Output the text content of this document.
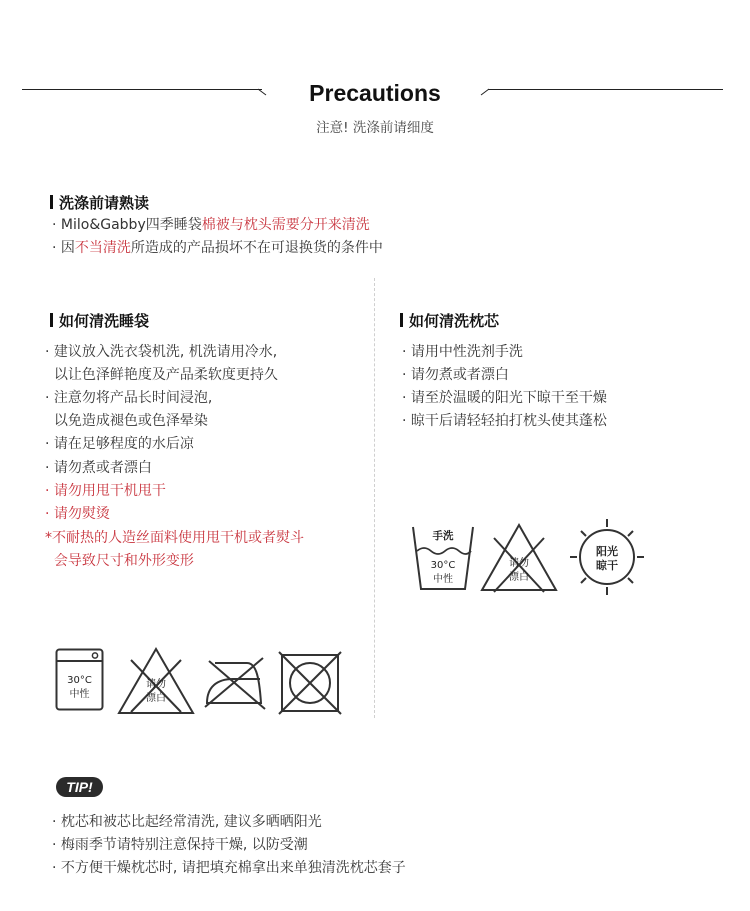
Precautions
注意! 洗涤前请细度
洗涤前请熟读
· Milo&Gabby四季睡袋棉被与枕头需要分开来清洗
· 因不当清洗所造成的产品损坏不在可退换货的条件中
如何清洗睡袋
· 建议放入洗衣袋机洗, 机洗请用冷水,
以让色泽鲜艳度及产品柔软度更持久
· 注意勿将产品长时间浸泡,
以免造成褪色或色泽晕染
· 请在足够程度的水后凉
· 请勿煮或者漂白
· 请勿用甩干机甩干
· 请勿熨烫
*不耐热的人造丝面料使用甩干机或者熨斗
会导致尺寸和外形变形
30°C
中性
请勿
漂白
如何清洗枕芯
· 请用中性洗剂手洗
· 请勿煮或者漂白
· 请至於温暖的阳光下晾干至干燥
· 晾干后请轻轻拍打枕头使其蓬松
手洗
30°C
中性
请勿
漂白
阳光
晾干
TIP!
· 枕芯和被芯比起经常清洗, 建议多晒晒阳光
· 梅雨季节请特别注意保持干燥, 以防受潮
· 不方便干燥枕芯时, 请把填充棉拿出来单独清洗枕芯套子
